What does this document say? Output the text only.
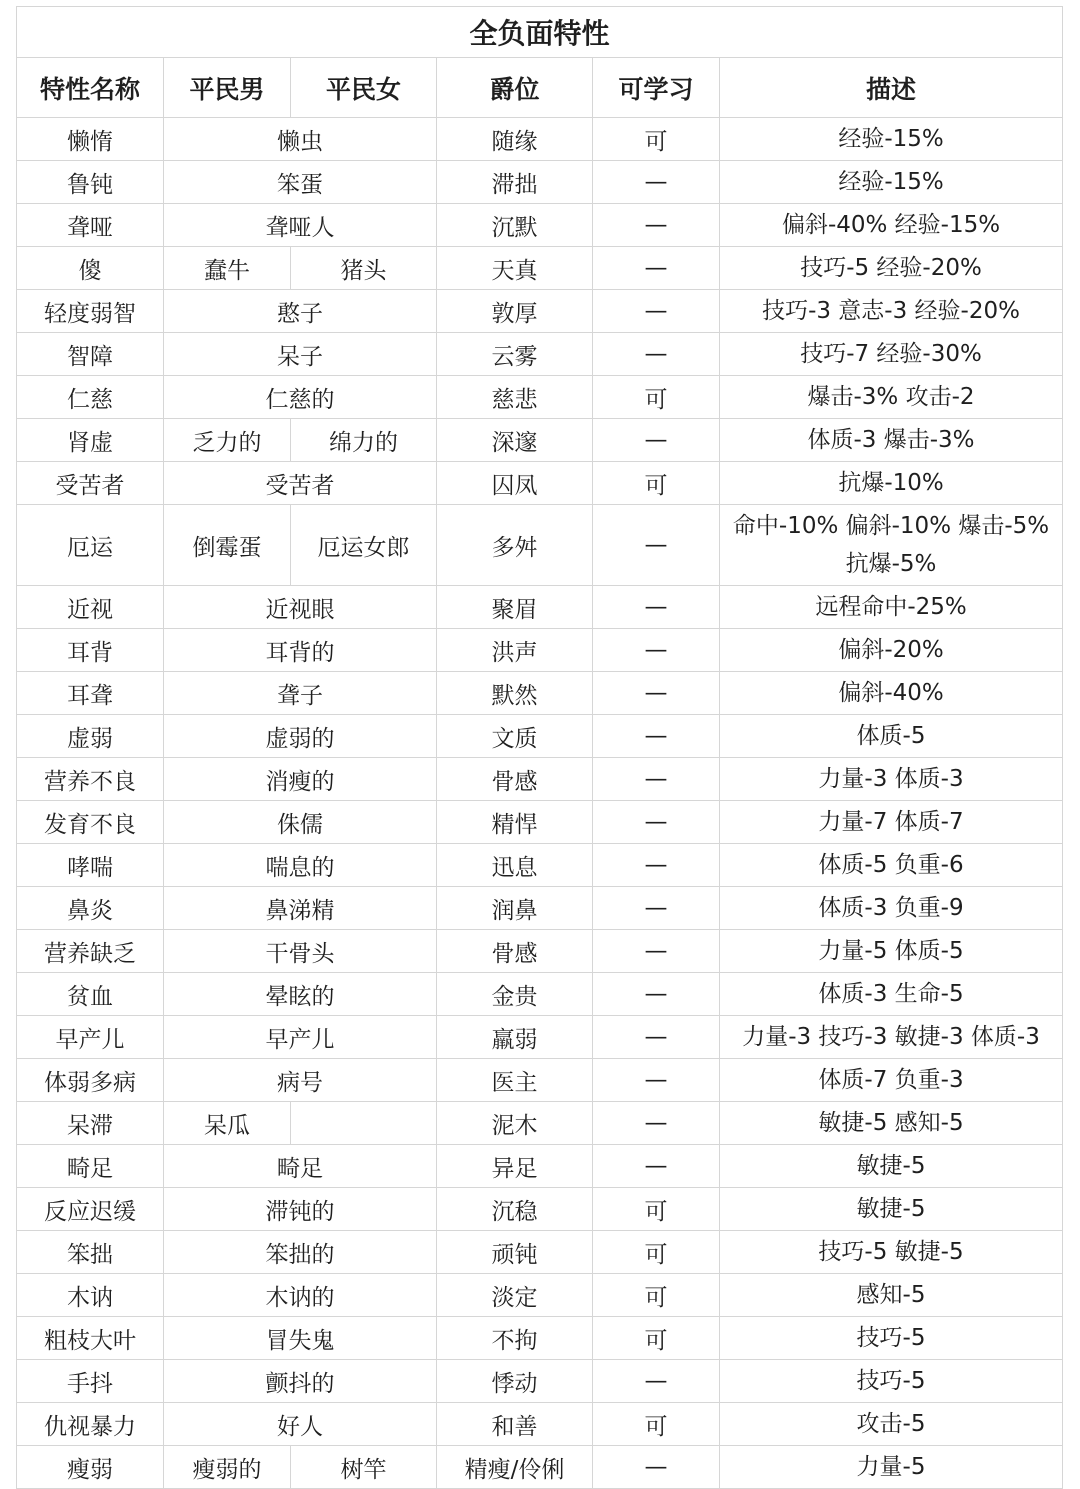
全负面特性					
特性名称	平民男	平民女	爵位	可学习	描述
懒惰	懒虫		随缘	可	经验-15%
鲁钝	笨蛋		滞拙	—	经验-15%
聋哑	聋哑人		沉默	—	偏斜-40% 经验-15%
傻	蠢牛	猪头	天真	—	技巧-5 经验-20%
轻度弱智	憨子		敦厚	—	技巧-3 意志-3 经验-20%
智障	呆子		云雾	—	技巧-7 经验-30%
仁慈	仁慈的		慈悲	可	爆击-3% 攻击-2
肾虚	乏力的	绵力的	深邃	—	体质-3 爆击-3%
受苦者	受苦者		囚凤	可	抗爆-10%
厄运	倒霉蛋	厄运女郎	多舛	—	命中-10% 偏斜-10% 爆击-5% 抗爆-5%
近视	近视眼		聚眉	—	远程命中-25%
耳背	耳背的		洪声	—	偏斜-20%
耳聋	聋子		默然	—	偏斜-40%
虚弱	虚弱的		文质	—	体质-5
营养不良	消瘦的		骨感	—	力量-3 体质-3
发育不良	侏儒		精悍	—	力量-7 体质-7
哮喘	喘息的		迅息	—	体质-5 负重-6
鼻炎	鼻涕精		润鼻	—	体质-3 负重-9
营养缺乏	干骨头		骨感	—	力量-5 体质-5
贫血	晕眩的		金贵	—	体质-3 生命-5
早产儿	早产儿		羸弱	—	力量-3 技巧-3 敏捷-3 体质-3
体弱多病	病号		医主	—	体质-7 负重-3
呆滞	呆瓜		泥木	—	敏捷-5 感知-5
畸足	畸足		异足	—	敏捷-5
反应迟缓	滞钝的		沉稳	可	敏捷-5
笨拙	笨拙的		顽钝	可	技巧-5 敏捷-5
木讷	木讷的		淡定	可	感知-5
粗枝大叶	冒失鬼		不拘	可	技巧-5
手抖	颤抖的		悸动	—	技巧-5
仇视暴力	好人		和善	可	攻击-5
瘦弱	瘦弱的	树竿	精瘦/伶俐	—	力量-5
